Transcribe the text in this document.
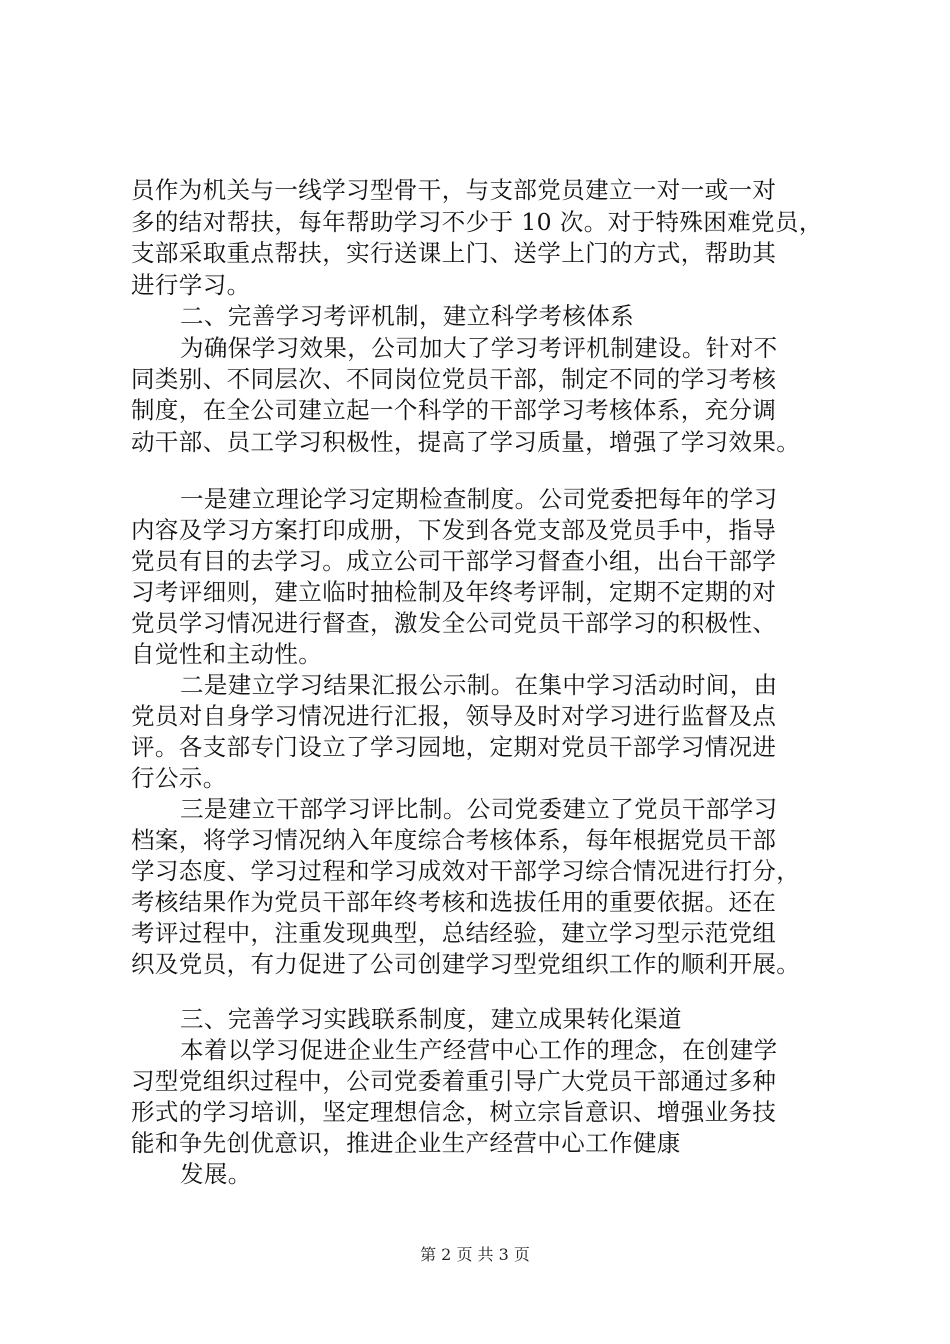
员作为机关与一线学习型骨干，与支部党员建立一对一或一对
多的结对帮扶，每年帮助学习不少于 10 次。对于特殊困难党员，
支部采取重点帮扶，实行送课上门、送学上门的方式，帮助其
进行学习。
二、完善学习考评机制，建立科学考核体系
为确保学习效果，公司加大了学习考评机制建设。针对不
同类别、不同层次、不同岗位党员干部，制定不同的学习考核
制度，在全公司建立起一个科学的干部学习考核体系，充分调
动干部、员工学习积极性，提高了学习质量，增强了学习效果。
一是建立理论学习定期检查制度。公司党委把每年的学习
内容及学习方案打印成册，下发到各党支部及党员手中，指导
党员有目的去学习。成立公司干部学习督查小组，出台干部学
习考评细则，建立临时抽检制及年终考评制，定期不定期的对
党员学习情况进行督查，激发全公司党员干部学习的积极性、
自觉性和主动性。
二是建立学习结果汇报公示制。在集中学习活动时间，由
党员对自身学习情况进行汇报，领导及时对学习进行监督及点
评。各支部专门设立了学习园地，定期对党员干部学习情况进
行公示。
三是建立干部学习评比制。公司党委建立了党员干部学习
档案，将学习情况纳入年度综合考核体系，每年根据党员干部
学习态度、学习过程和学习成效对干部学习综合情况进行打分，
考核结果作为党员干部年终考核和选拔任用的重要依据。还在
考评过程中，注重发现典型，总结经验，建立学习型示范党组
织及党员，有力促进了公司创建学习型党组织工作的顺利开展。
三、完善学习实践联系制度，建立成果转化渠道
本着以学习促进企业生产经营中心工作的理念，在创建学
习型党组织过程中，公司党委着重引导广大党员干部通过多种
形式的学习培训，坚定理想信念，树立宗旨意识、增强业务技
能和争先创优意识，推进企业生产经营中心工作健康
发展。
第 2 页 共 3 页
